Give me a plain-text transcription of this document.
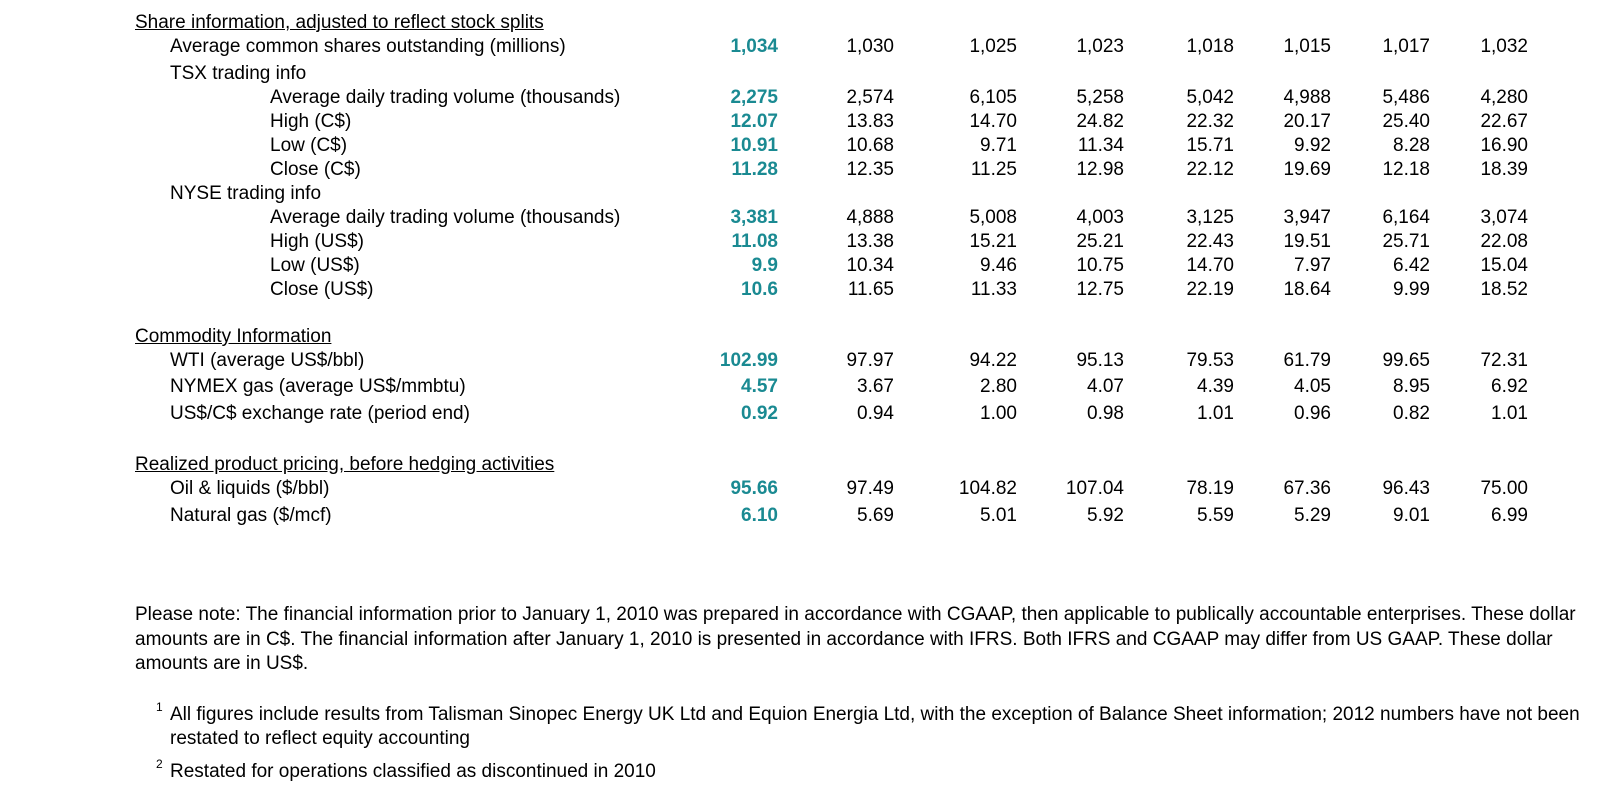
Share information, adjusted to reflect stock splits
Average common shares outstanding (millions)	1,034	1,030	1,025	1,023	1,018	1,015	1,017	1,032
TSX trading info
Average daily trading volume (thousands)	2,275	2,574	6,105	5,258	5,042	4,988	5,486	4,280
High (C$)	12.07	13.83	14.70	24.82	22.32	20.17	25.40	22.67
Low (C$)	10.91	10.68	9.71	11.34	15.71	9.92	8.28	16.90
Close (C$)	11.28	12.35	11.25	12.98	22.12	19.69	12.18	18.39
NYSE trading info
Average daily trading volume (thousands)	3,381	4,888	5,008	4,003	3,125	3,947	6,164	3,074
High (US$)	11.08	13.38	15.21	25.21	22.43	19.51	25.71	22.08
Low (US$)	9.9	10.34	9.46	10.75	14.70	7.97	6.42	15.04
Close (US$)	10.6	11.65	11.33	12.75	22.19	18.64	9.99	18.52
Commodity Information
WTI (average US$/bbl)	102.99	97.97	94.22	95.13	79.53	61.79	99.65	72.31
NYMEX gas (average US$/mmbtu)	4.57	3.67	2.80	4.07	4.39	4.05	8.95	6.92
US$/C$ exchange rate (period end)	0.92	0.94	1.00	0.98	1.01	0.96	0.82	1.01
Realized product pricing, before hedging activities
Oil & liquids ($/bbl)	95.66	97.49	104.82	107.04	78.19	67.36	96.43	75.00
Natural gas ($/mcf)	6.10	5.69	5.01	5.92	5.59	5.29	9.01	6.99
Please note: The financial information prior to January 1, 2010 was prepared in accordance with CGAAP, then applicable to publically accountable enterprises. These dollar amounts are in C$. The financial information after January 1, 2010 is presented in accordance with IFRS. Both IFRS and CGAAP may differ from US GAAP. These dollar amounts are in US$.
1 All figures include results from Talisman Sinopec Energy UK Ltd and Equion Energia Ltd, with the exception of Balance Sheet information; 2012 numbers have not been restated to reflect equity accounting
2 Restated for operations classified as discontinued in 2010
